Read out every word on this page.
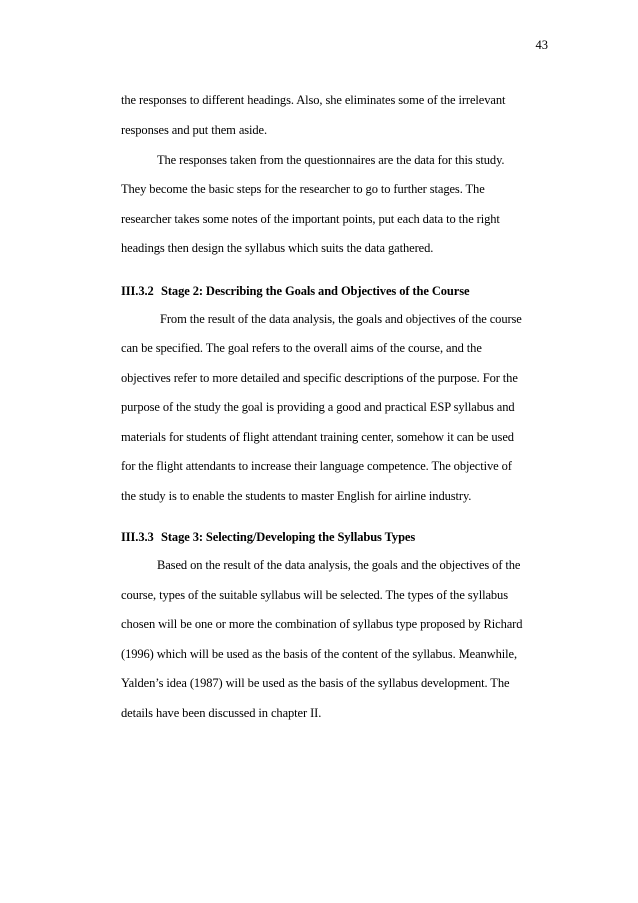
43
the responses to different headings. Also, she eliminates some of the irrelevant
responses and put them aside.
The responses taken from the questionnaires are the data for this study.
They become the basic steps for the researcher to go to further stages. The
researcher takes some notes of the important points, put each data to the right
headings then design the syllabus which suits the data gathered.
III.3.2 Stage 2: Describing the Goals and Objectives of the Course
From the result of the data analysis, the goals and objectives of the course
can be specified. The goal refers to the overall aims of the course, and the
objectives refer to more detailed and specific descriptions of the purpose. For the
purpose of the study the goal is providing a good and practical ESP syllabus and
materials for students of flight attendant training center, somehow it can be used
for the flight attendants to increase their language competence. The objective of
the study is to enable the students to master English for airline industry.
III.3.3 Stage 3: Selecting/Developing the Syllabus Types
Based on the result of the data analysis, the goals and the objectives of the
course, types of the suitable syllabus will be selected. The types of the syllabus
chosen will be one or more the combination of syllabus type proposed by Richard
(1996) which will be used as the basis of the content of the syllabus. Meanwhile,
Yalden’s idea (1987) will be used as the basis of the syllabus development. The
details have been discussed in chapter II.
